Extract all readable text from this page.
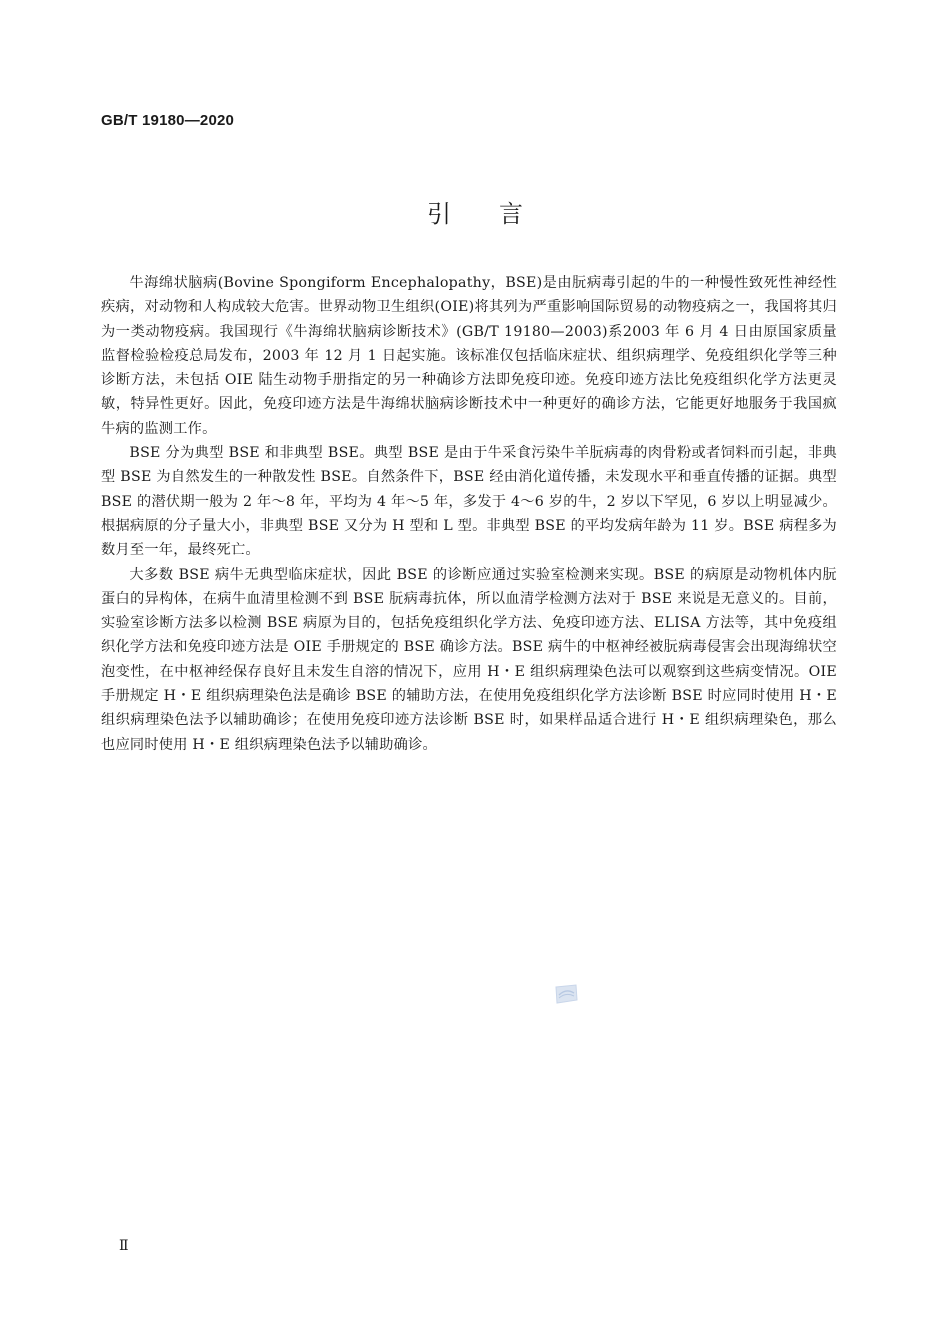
GB/T 19180—2020
引言

牛海绵状脑病(Bovine Spongiform Encephalopathy，BSE)是由朊病毒引起的牛的一种慢性致死性神经性疾病，对动物和人构成较大危害。世界动物卫生组织(OIE)将其列为严重影响国际贸易的动物疫病之一，我国将其归为一类动物疫病。我国现行《牛海绵状脑病诊断技术》(GB/T 19180—2003)系2003 年 6 月 4 日由原国家质量监督检验检疫总局发布，2003 年 12 月 1 日起实施。该标准仅包括临床症状、组织病理学、免疫组织化学等三种诊断方法，未包括 OIE 陆生动物手册指定的另一种确诊方法即免疫印迹。免疫印迹方法比免疫组织化学方法更灵敏，特异性更好。因此，免疫印迹方法是牛海绵状脑病诊断技术中一种更好的确诊方法，它能更好地服务于我国疯牛病的监测工作。

BSE 分为典型 BSE 和非典型 BSE。典型 BSE 是由于牛采食污染牛羊朊病毒的肉骨粉或者饲料而引起，非典型 BSE 为自然发生的一种散发性 BSE。自然条件下，BSE 经由消化道传播，未发现水平和垂直传播的证据。典型 BSE 的潜伏期一般为 2 年～8 年，平均为 4 年～5 年，多发于 4～6 岁的牛，2 岁以下罕见，6 岁以上明显减少。根据病原的分子量大小，非典型 BSE 又分为 H 型和 L 型。非典型 BSE 的平均发病年龄为 11 岁。BSE 病程多为数月至一年，最终死亡。

大多数 BSE 病牛无典型临床症状，因此 BSE 的诊断应通过实验室检测来实现。BSE 的病原是动物机体内朊蛋白的异构体，在病牛血清里检测不到 BSE 朊病毒抗体，所以血清学检测方法对于 BSE 来说是无意义的。目前，实验室诊断方法多以检测 BSE 病原为目的，包括免疫组织化学方法、免疫印迹方法、ELISA 方法等，其中免疫组织化学方法和免疫印迹方法是 OIE 手册规定的 BSE 确诊方法。BSE 病牛的中枢神经被朊病毒侵害会出现海绵状空泡变性，在中枢神经保存良好且未发生自溶的情况下，应用 H・E 组织病理染色法可以观察到这些病变情况。OIE 手册规定 H・E 组织病理染色法是确诊 BSE 的辅助方法，在使用免疫组织化学方法诊断 BSE 时应同时使用 H・E 组织病理染色法予以辅助确诊；在使用免疫印迹方法诊断 BSE 时，如果样品适合进行 H・E 组织病理染色，那么也应同时使用 H・E 组织病理染色法予以辅助确诊。

Ⅱ
